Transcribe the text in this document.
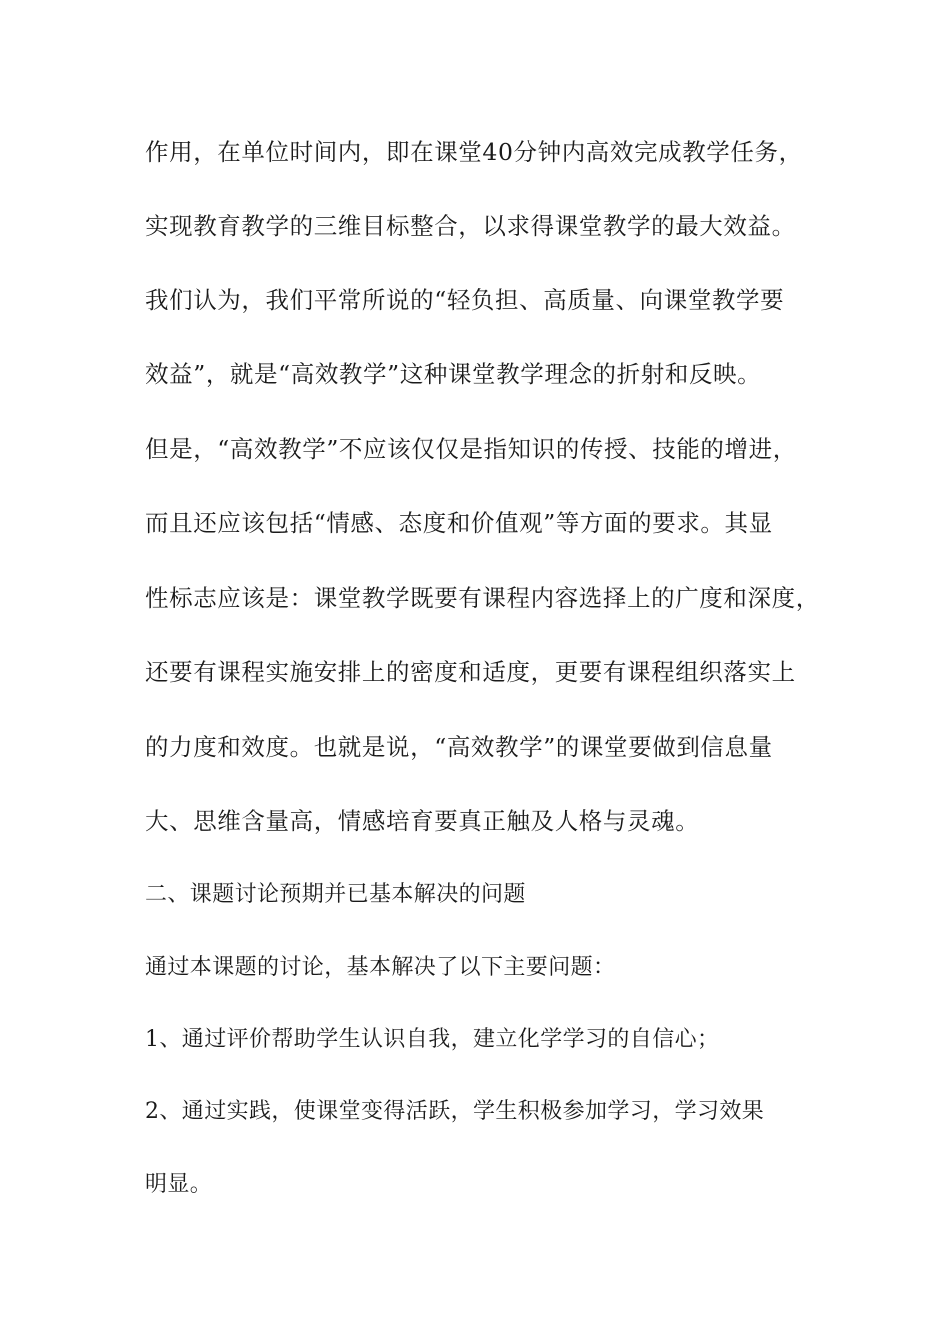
作用，在单位时间内，即在课堂40分钟内高效完成教学任务，
实现教育教学的三维目标整合，以求得课堂教学的最大效益。
我们认为，我们平常所说的“轻负担、高质量、向课堂教学要
效益”，就是“高效教学”这种课堂教学理念的折射和反映。
但是，“高效教学”不应该仅仅是指知识的传授、技能的增进，
而且还应该包括“情感、态度和价值观”等方面的要求。其显
性标志应该是：课堂教学既要有课程内容选择上的广度和深度，
还要有课程实施安排上的密度和适度，更要有课程组织落实上
的力度和效度。也就是说，“高效教学”的课堂要做到信息量
大、思维含量高，情感培育要真正触及人格与灵魂。
二、课题讨论预期并已基本解决的问题
通过本课题的讨论，基本解决了以下主要问题：
1、通过评价帮助学生认识自我，建立化学学习的自信心；
2、通过实践，使课堂变得活跃，学生积极参加学习，学习效果
明显。
